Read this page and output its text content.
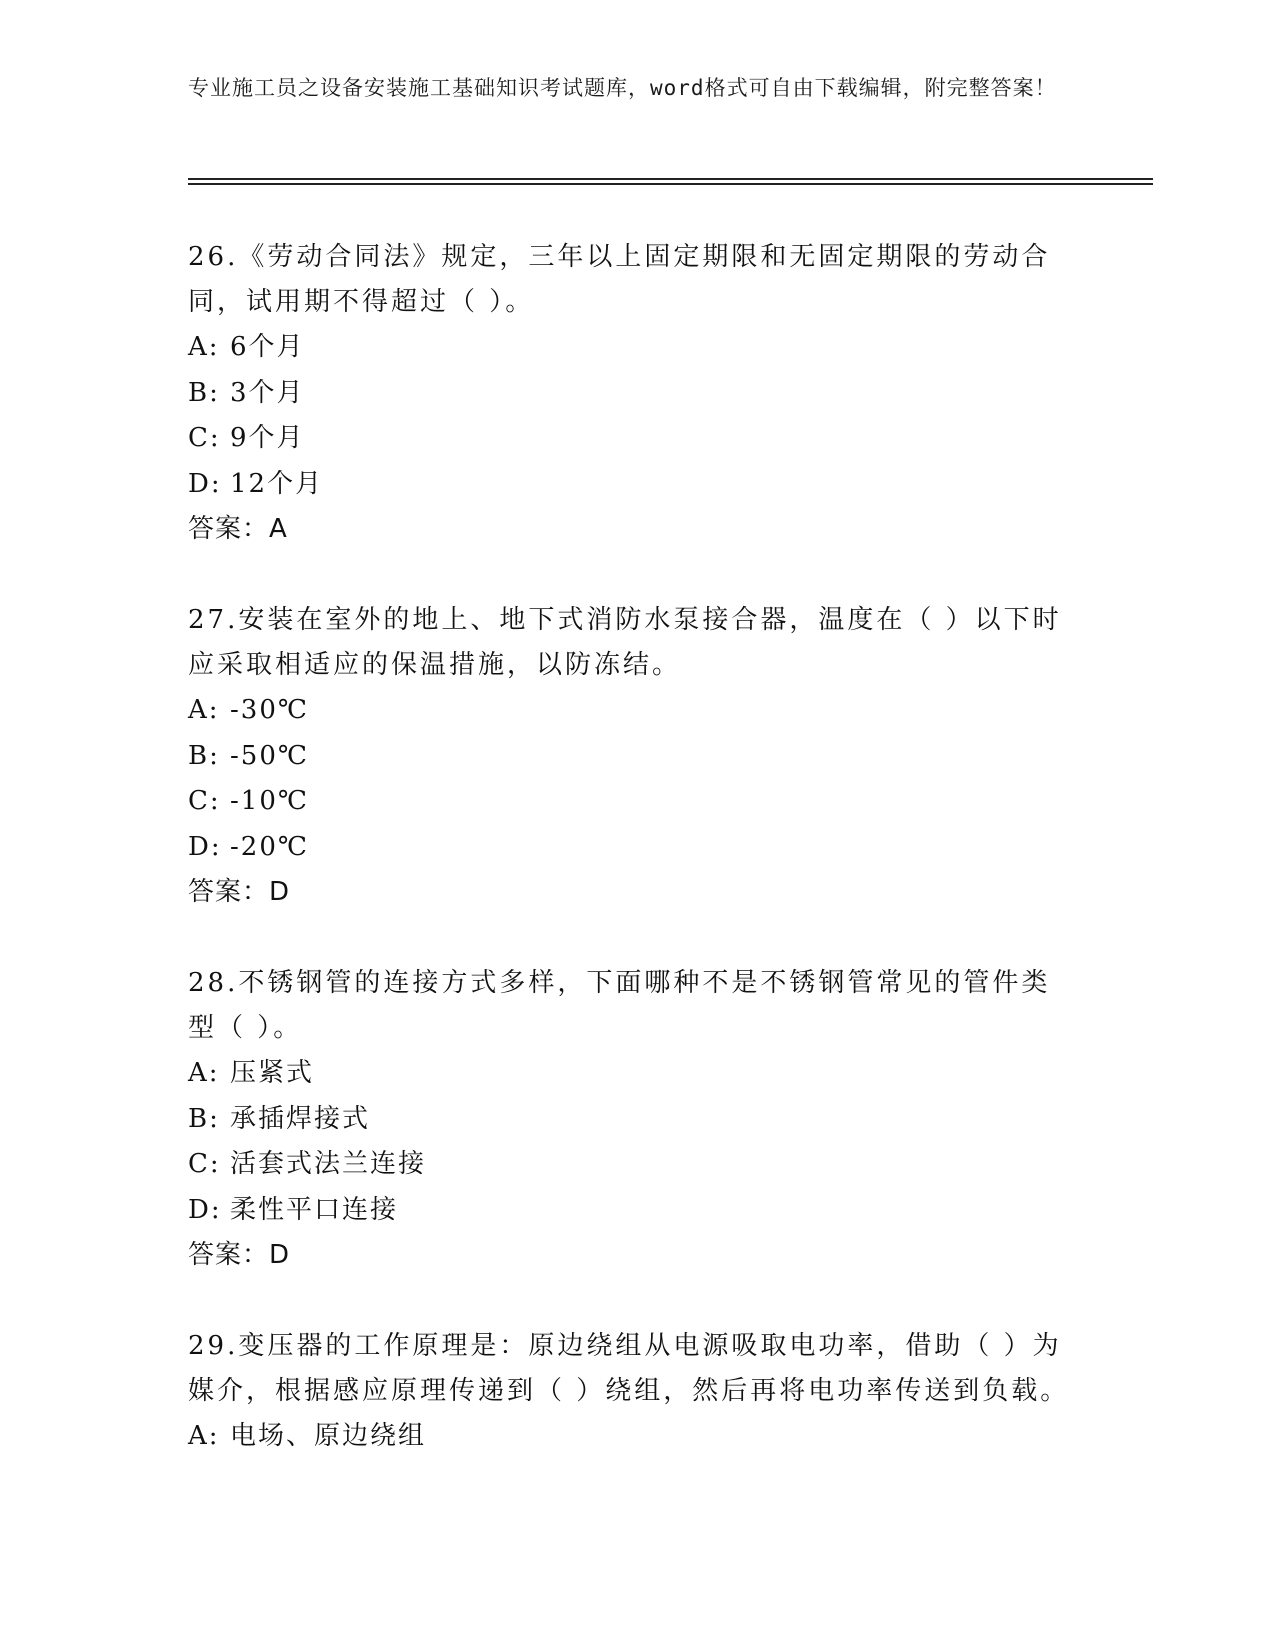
专业施工员之设备安装施工基础知识考试题库，word格式可自由下载编辑，附完整答案！

26.《劳动合同法》规定，三年以上固定期限和无固定期限的劳动合同，试用期不得超过（ ）。

A: 6个月

B: 3个月

C: 9个月

D: 12个月

答案：A

27.安装在室外的地上、地下式消防水泵接合器，温度在（ ）以下时应采取相适应的保温措施，以防冻结。

A: -30℃

B: -50℃

C: -10℃

D: -20℃

答案：D

28.不锈钢管的连接方式多样，下面哪种不是不锈钢管常见的管件类型（ ）。

A: 压紧式

B: 承插焊接式

C: 活套式法兰连接

D: 柔性平口连接

答案：D

29.变压器的工作原理是：原边绕组从电源吸取电功率，借助（ ）为媒介，根据感应原理传递到（ ）绕组，然后再将电功率传送到负载。

A: 电场、原边绕组
